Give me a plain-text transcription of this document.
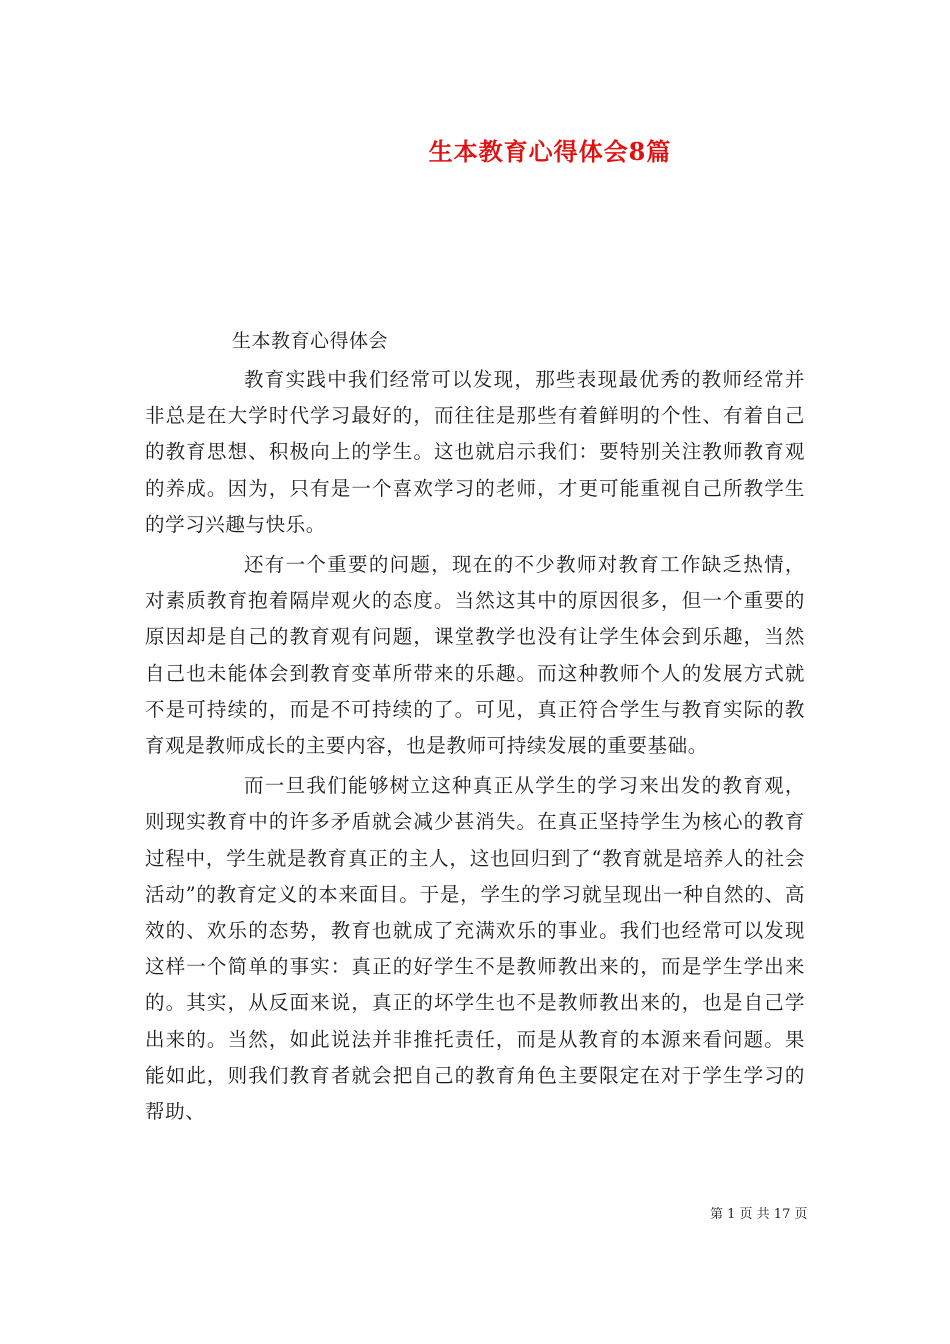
生本教育心得体会8篇
生本教育心得体会

教育实践中我们经常可以发现，那些表现最优秀的教师经常并非总是在大学时代学习最好的，而往往是那些有着鲜明的个性、有着自己的教育思想、积极向上的学生。这也就启示我们：要特别关注教师教育观的养成。因为，只有是一个喜欢学习的老师，才更可能重视自己所教学生的学习兴趣与快乐。

还有一个重要的问题，现在的不少教师对教育工作缺乏热情，对素质教育抱着隔岸观火的态度。当然这其中的原因很多，但一个重要的原因却是自己的教育观有问题，课堂教学也没有让学生体会到乐趣，当然自己也未能体会到教育变革所带来的乐趣。而这种教师个人的发展方式就不是可持续的，而是不可持续的了。可见，真正符合学生与教育实际的教育观是教师成长的主要内容，也是教师可持续发展的重要基础。

而一旦我们能够树立这种真正从学生的学习来出发的教育观，则现实教育中的许多矛盾就会减少甚消失。在真正坚持学生为核心的教育过程中，学生就是教育真正的主人，这也回归到了“教育就是培养人的社会活动”的教育定义的本来面目。于是，学生的学习就呈现出一种自然的、高效的、欢乐的态势，教育也就成了充满欢乐的事业。我们也经常可以发现这样一个简单的事实：真正的好学生不是教师教出来的，而是学生学出来的。其实，从反面来说，真正的坏学生也不是教师教出来的，也是自己学出来的。当然，如此说法并非推托责任，而是从教育的本源来看问题。果能如此，则我们教育者就会把自己的教育角色主要限定在对于学生学习的帮助、

第 1 页 共 17 页
